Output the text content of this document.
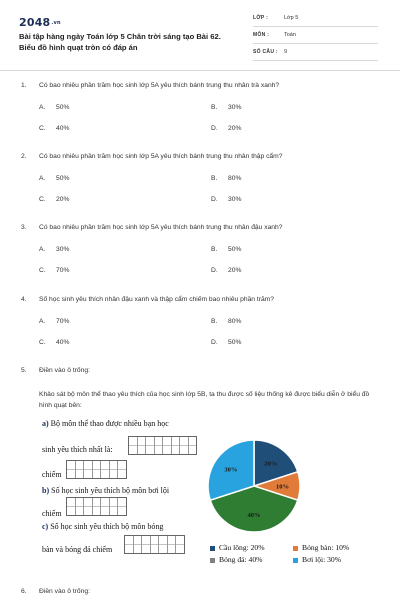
2048.vn
Bài tập hàng ngày Toán lớp 5 Chân trời sáng tạo Bài 62. Biểu đồ hình quạt tròn có đáp án
LỚP :	Lớp 5
MÔN :	Toán
SỐ CÂU : 9
1. Có bao nhiêu phần trăm học sinh lớp 5A yêu thích bánh trung thu nhân trà xanh?
A. 50%	B. 30%
C. 40%	D. 20%
2. Có bao nhiêu phần trăm học sinh lớp 5A yêu thích bánh trung thu nhân thập cẩm?
A. 50%	B. 80%
C. 20%	D. 30%
3. Có bao nhiêu phần trăm học sinh lớp 5A yêu thích bánh trung thu nhân đậu xanh?
A. 30%	B. 50%
C. 70%	D. 20%
4. Số học sinh yêu thích nhân đậu xanh và thập cẩm chiếm bao nhiêu phần trăm?
A. 70%	B. 80%
C. 40%	D. 50%
5. Điền vào ô trống:
Khảo sát bộ môn thể thao yêu thích của học sinh lớp 5B, ta thu được số liệu thống kê được biểu diễn ở biểu đồ hình quạt bên:
a) Bộ môn thể thao được nhiều bạn học
sinh yêu thích nhất là:
chiếm
b) Số học sinh yêu thích bộ môn bơi lội
chiếm
c) Số học sinh yêu thích bộ môn bóng
bàn và bóng đá chiếm
20%
10%
40%
30%
Cầu lông: 20%	Bóng bàn: 10%
Bóng đá: 40%	Bơi lội: 30%
6. Điền vào ô trống:
